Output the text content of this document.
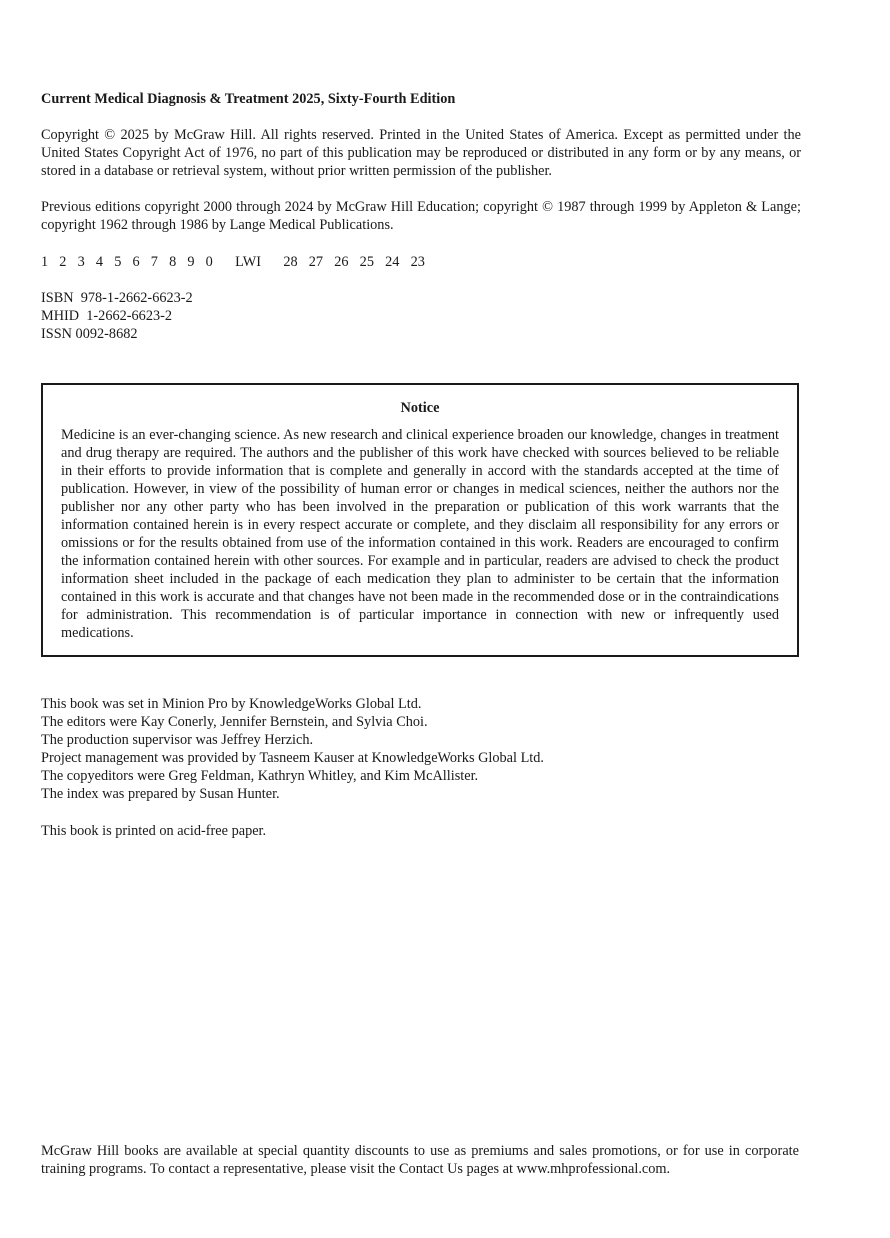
Current Medical Diagnosis & Treatment 2025, Sixty-Fourth Edition
Copyright © 2025 by McGraw Hill. All rights reserved. Printed in the United States of America. Except as permitted under the United States Copyright Act of 1976, no part of this publication may be reproduced or distributed in any form or by any means, or stored in a database or retrieval system, without prior written permission of the publisher.
Previous editions copyright 2000 through 2024 by McGraw Hill Education; copyright © 1987 through 1999 by Appleton & Lange; copyright 1962 through 1986 by Lange Medical Publications.
1  2  3  4  5  6  7  8  9  0    LWI    28  27  26  25  24  23
ISBN  978-1-2662-6623-2
MHID  1-2662-6623-2
ISSN 0092-8682
Notice
Medicine is an ever-changing science. As new research and clinical experience broaden our knowledge, changes in treatment and drug therapy are required. The authors and the publisher of this work have checked with sources believed to be reliable in their efforts to provide information that is complete and generally in accord with the standards accepted at the time of publication. However, in view of the possibility of human error or changes in medical sciences, neither the authors nor the publisher nor any other party who has been involved in the preparation or publication of this work warrants that the information contained herein is in every respect accurate or complete, and they disclaim all responsibility for any errors or omissions or for the results obtained from use of the information contained in this work. Readers are encouraged to confirm the information contained herein with other sources. For example and in particular, readers are advised to check the product information sheet included in the package of each medication they plan to administer to be certain that the information contained in this work is accurate and that changes have not been made in the recommended dose or in the contraindications for administration. This recommendation is of particular importance in connection with new or infrequently used medications.
This book was set in Minion Pro by KnowledgeWorks Global Ltd.
The editors were Kay Conerly, Jennifer Bernstein, and Sylvia Choi.
The production supervisor was Jeffrey Herzich.
Project management was provided by Tasneem Kauser at KnowledgeWorks Global Ltd.
The copyeditors were Greg Feldman, Kathryn Whitley, and Kim McAllister.
The index was prepared by Susan Hunter.
This book is printed on acid-free paper.
McGraw Hill books are available at special quantity discounts to use as premiums and sales promotions, or for use in corporate training programs. To contact a representative, please visit the Contact Us pages at www.mhprofessional.com.
